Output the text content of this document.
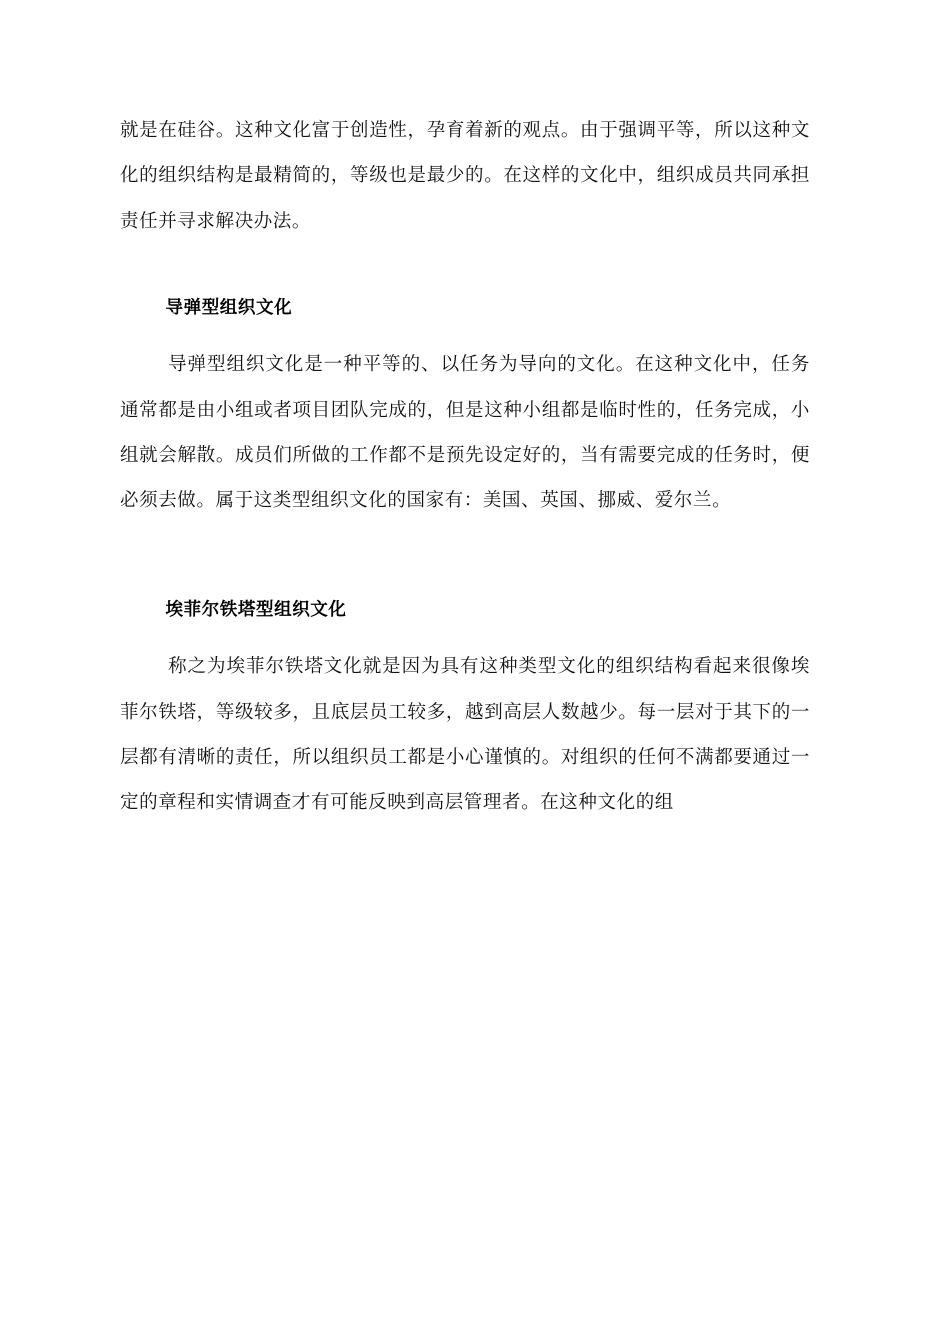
就是在硅谷。这种文化富于创造性，孕育着新的观点。由于强调平等，所以这种文化的组织结构是最精简的，等级也是最少的。在这样的文化中，组织成员共同承担责任并寻求解决办法。

导弹型组织文化

导弹型组织文化是一种平等的、以任务为导向的文化。在这种文化中，任务通常都是由小组或者项目团队完成的，但是这种小组都是临时性的，任务完成，小组就会解散。成员们所做的工作都不是预先设定好的，当有需要完成的任务时，便必须去做。属于这类型组织文化的国家有：美国、英国、挪威、爱尔兰。

埃菲尔铁塔型组织文化

称之为埃菲尔铁塔文化就是因为具有这种类型文化的组织结构看起来很像埃菲尔铁塔，等级较多，且底层员工较多，越到高层人数越少。每一层对于其下的一层都有清晰的责任，所以组织员工都是小心谨慎的。对组织的任何不满都要通过一定的章程和实情调查才有可能反映到高层管理者。在这种文化的组
